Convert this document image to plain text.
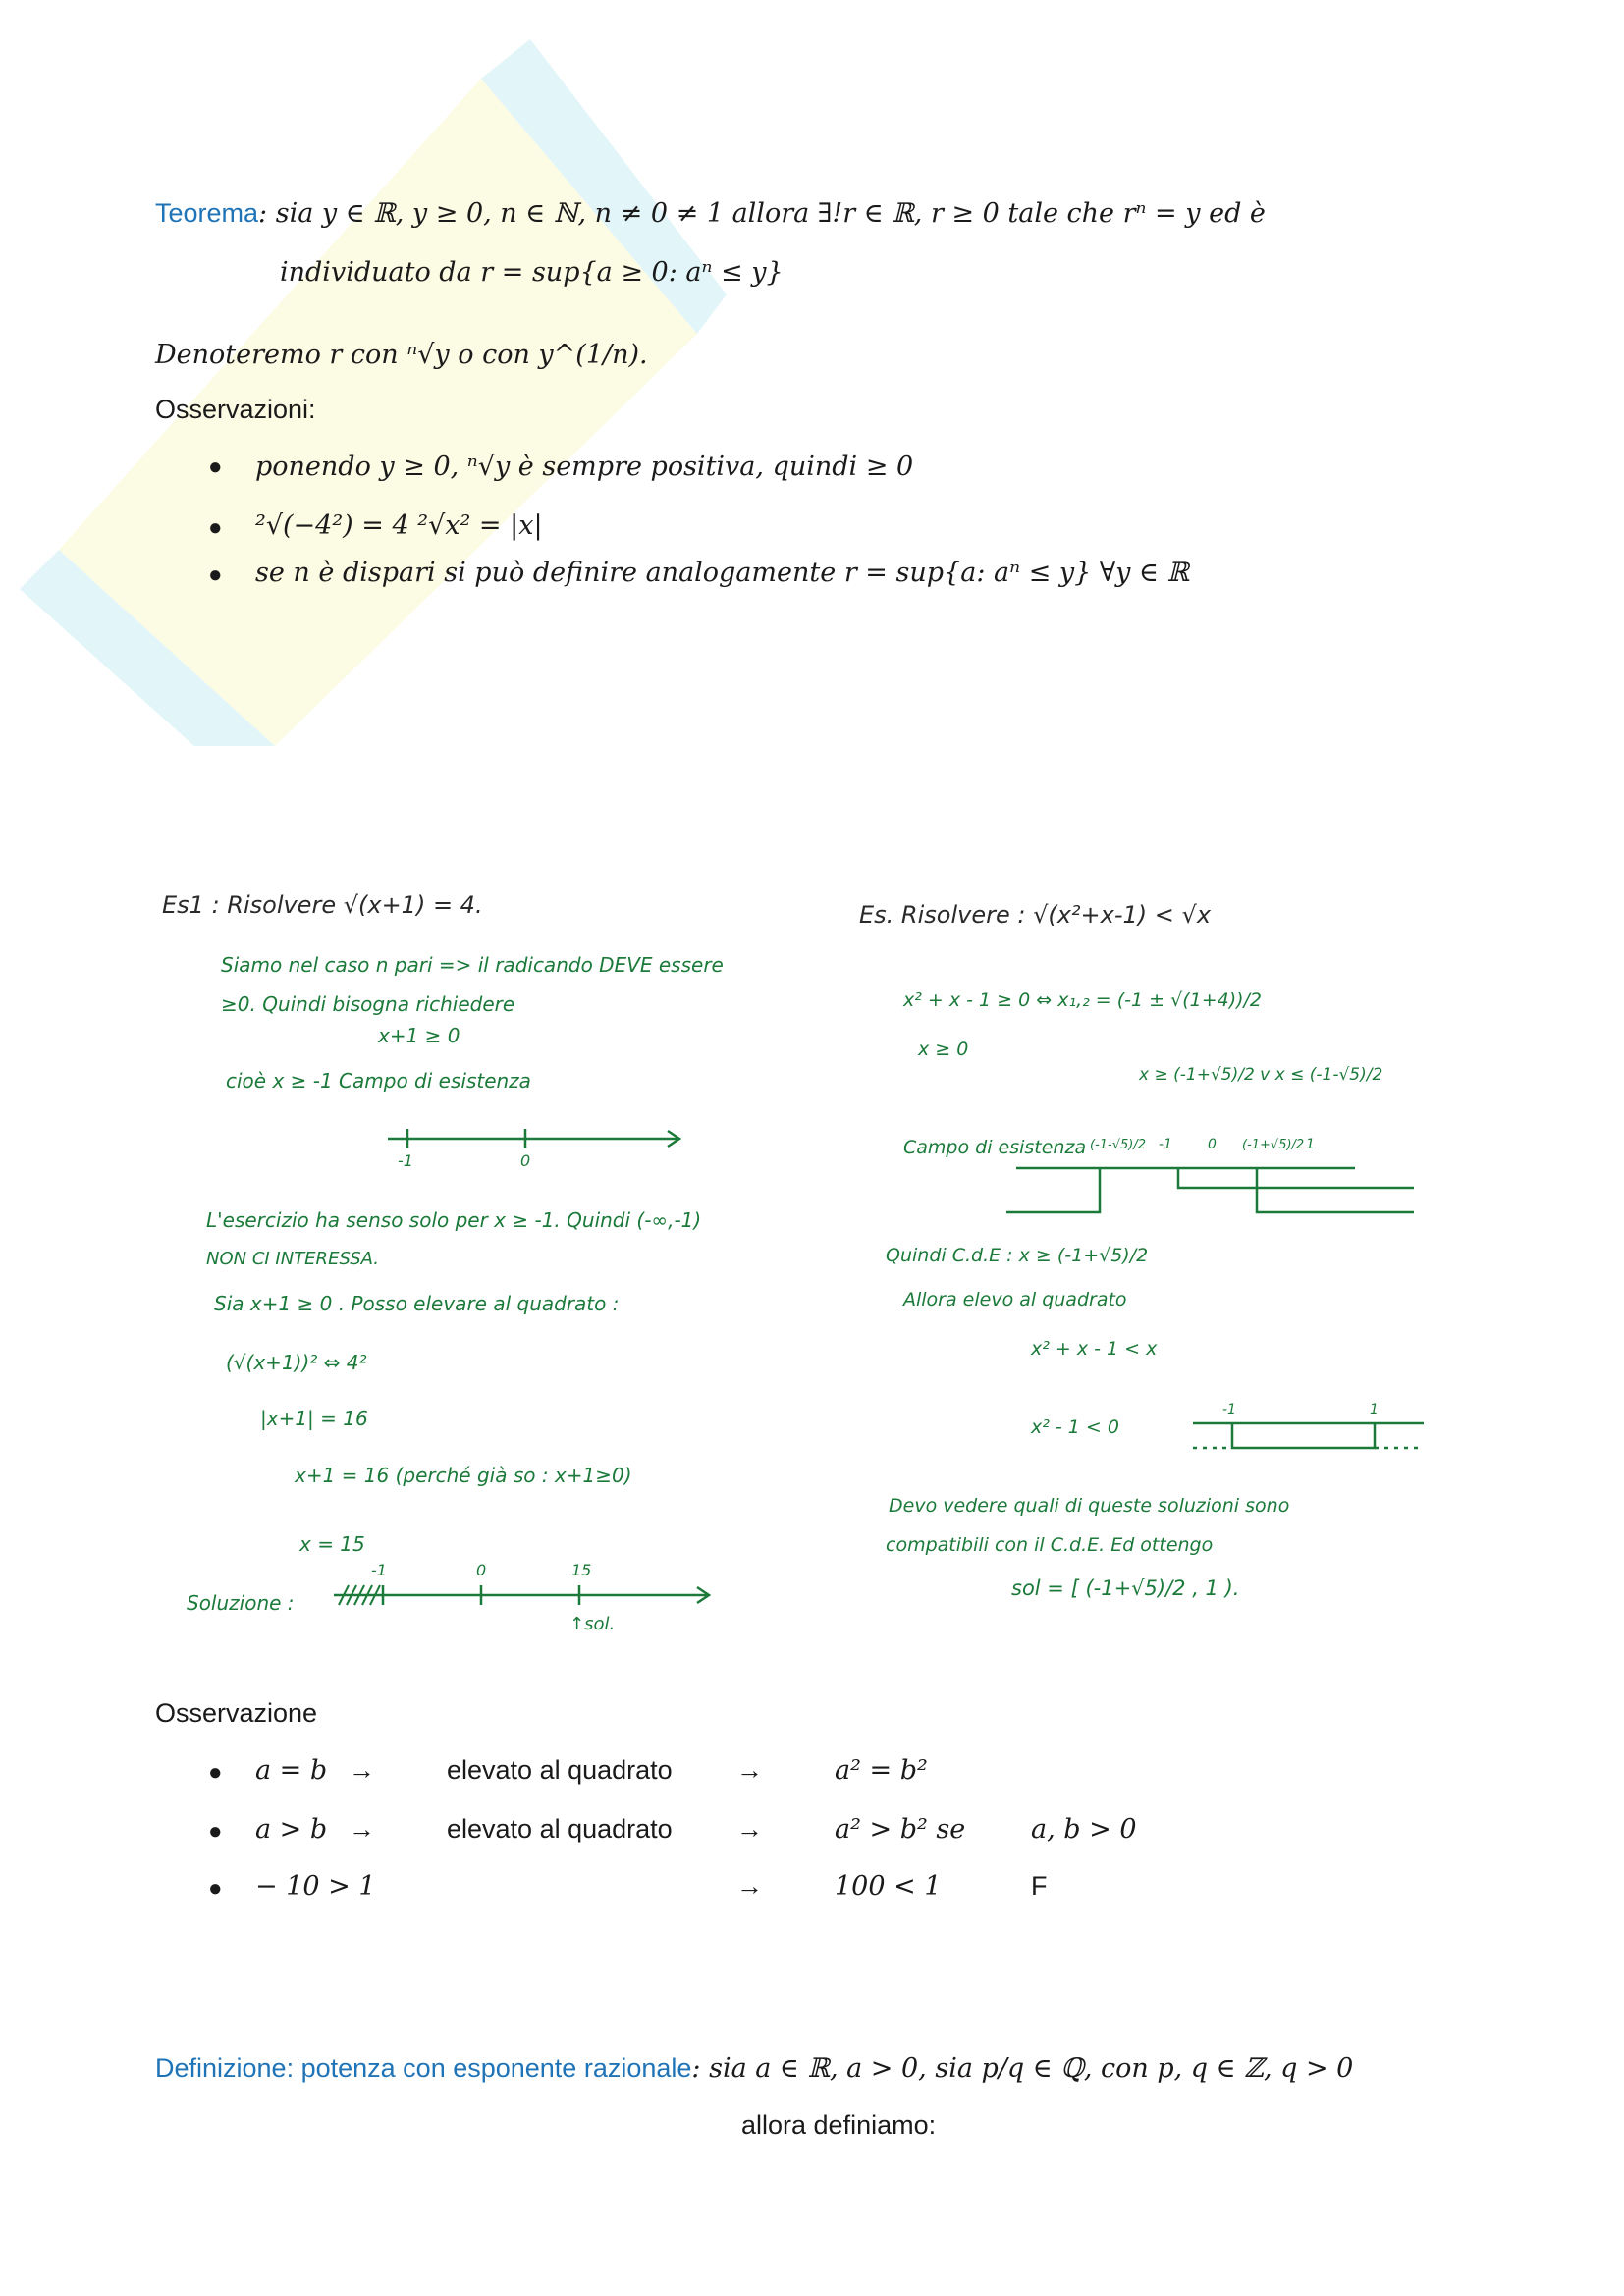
Teorema: sia y ∈ ℝ, y ≥ 0, n ∈ ℕ, n ≠ 0 ≠ 1 allora ∃!r ∈ ℝ, r ≥ 0 tale che rⁿ = y ed è
individuato da r = sup{a ≥ 0: aⁿ ≤ y}
Denoteremo r con ⁿ√y o con y^(1/n).
Osservazioni:
● ponendo y ≥ 0, ⁿ√y è sempre positiva, quindi ≥ 0
● ²√(−4²) = 4 ²√x² = |x|
● se n è dispari si può definire analogamente r = sup{a: aⁿ ≤ y} ∀y ∈ ℝ
Es1 : Risolvere √(x+1) = 4.
Siamo nel caso n pari => il radicando DEVE essere
≥0. Quindi bisogna richiedere
x+1 ≥ 0
cioè x ≥ -1 Campo di esistenza
-1	0
L'esercizio ha senso solo per x ≥ -1. Quindi (-∞,-1)
NON CI INTERESSA.
Sia x+1 ≥ 0 . Posso elevare al quadrato :
(√(x+1))² ⇔ 4²
|x+1| = 16
x+1 = 16 (perché già so : x+1≥0)
x = 15
Soluzione :
-1	0	15
↑sol.
Es. Risolvere : √(x²+x-1) < √x
x² + x - 1 ≥ 0 ⇔ x₁,₂ = (-1 ± √(1+4))/2
x ≥ 0
x ≥ (-1+√5)/2 v x ≤ (-1-√5)/2
Campo di esistenza (-1-√5)/2 -1	0 (-1+√5)/2 1
Quindi C.d.E : x ≥ (-1+√5)/2
Allora elevo al quadrato
x² + x - 1 < x
x² - 1 < 0
-1	1
Devo vedere quali di queste soluzioni sono
compatibili con il C.d.E. Ed ottengo
sol = [ (-1+√5)/2 , 1 ).
Osservazione
● a = b →	elevato al quadrato →	a² = b²
● a > b →	elevato al quadrato →	a² > b² se a, b > 0
● − 10 > 1	→	100 < 1	F
Definizione: potenza con esponente razionale: sia a ∈ ℝ, a > 0, sia p/q ∈ ℚ, con p, q ∈ ℤ, q > 0
allora definiamo:
